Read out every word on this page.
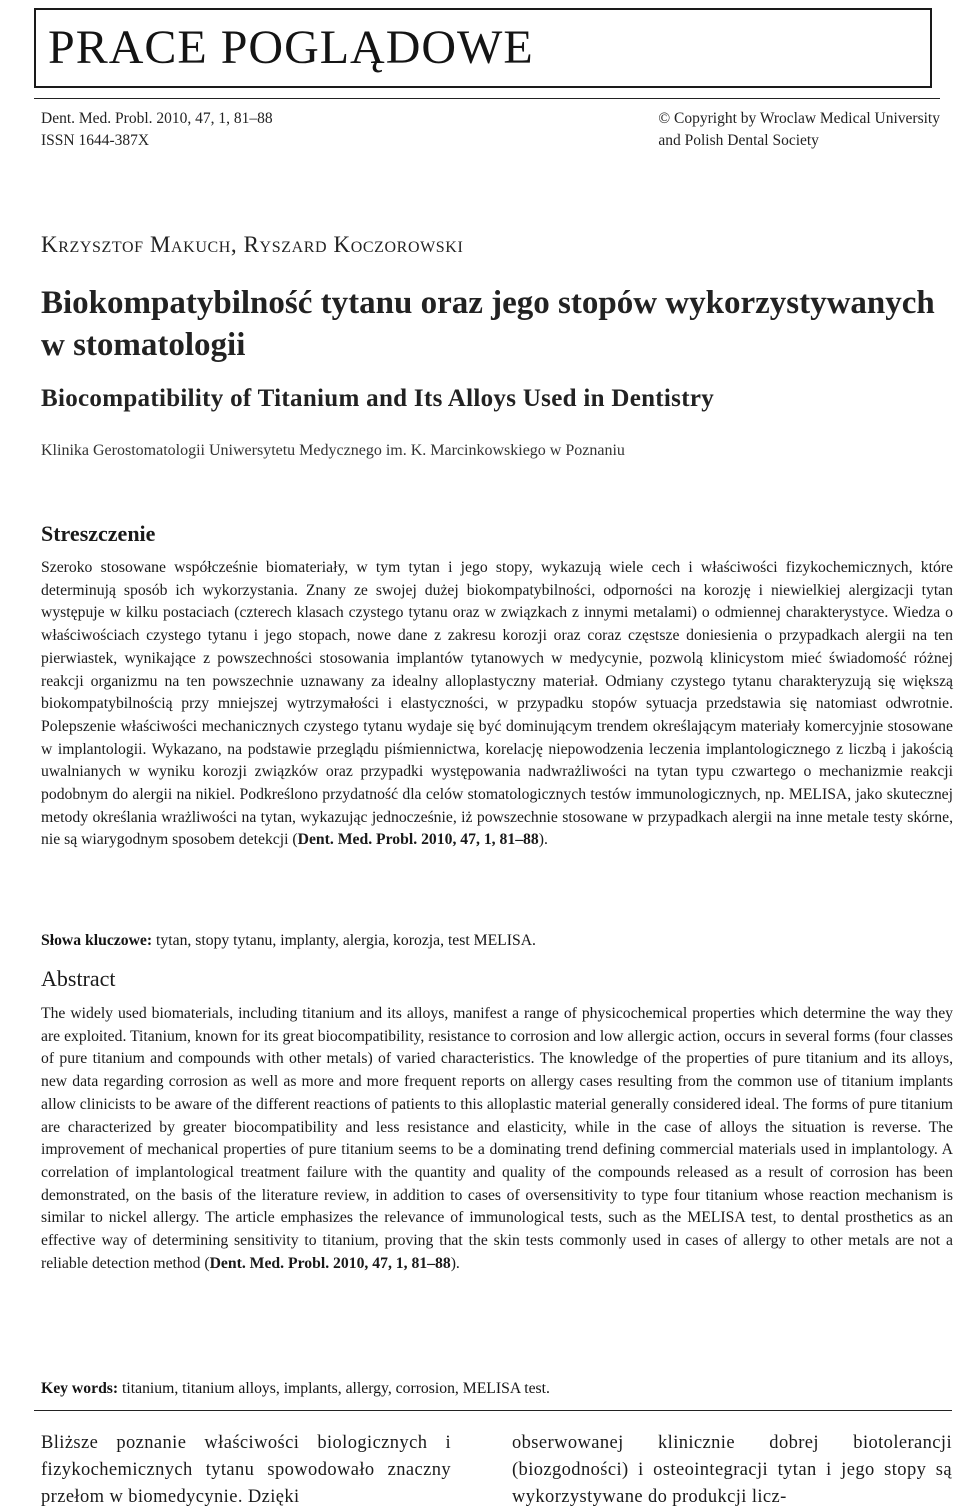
PRACE POGLĄDOWE
Dent. Med. Probl. 2010, 47, 1, 81–88
ISSN 1644-387X
© Copyright by Wroclaw Medical University
and Polish Dental Society
Krzysztof Makuch, Ryszard Koczorowski
Biokompatybilność tytanu oraz jego stopów wykorzystywanych w stomatologii
Biocompatibility of Titanium and Its Alloys Used in Dentistry
Klinika Gerostomatologii Uniwersytetu Medycznego im. K. Marcinkowskiego w Poznaniu
Streszczenie
Szeroko stosowane współcześnie biomateriały, w tym tytan i jego stopy, wykazują wiele cech i właściwości fizykochemicznych, które determinują sposób ich wykorzystania. Znany ze swojej dużej biokompatybilności, odporności na korozję i niewielkiej alergizacji tytan występuje w kilku postaciach (czterech klasach czystego tytanu oraz w związkach z innymi metalami) o odmiennej charakterystyce. Wiedza o właściwościach czystego tytanu i jego stopach, nowe dane z zakresu korozji oraz coraz częstsze doniesienia o przypadkach alergii na ten pierwiastek, wynikające z powszechności stosowania implantów tytanowych w medycynie, pozwolą klinicystom mieć świadomość różnej reakcji organizmu na ten powszechnie uznawany za idealny alloplastyczny materiał. Odmiany czystego tytanu charakteryzują się większą biokompatybilnością przy mniejszej wytrzymałości i elastyczności, w przypadku stopów sytuacja przedstawia się natomiast odwrotnie. Polepszenie właściwości mechanicznych czystego tytanu wydaje się być dominującym trendem określającym materiały komercyjnie stosowane w implantologii. Wykazano, na podstawie przeglądu piśmiennictwa, korelację niepowodzenia leczenia implantologicznego z liczbą i jakością uwalnianych w wyniku korozji związków oraz przypadki występowania nadwrażliwości na tytan typu czwartego o mechanizmie reakcji podobnym do alergii na nikiel. Podkreślono przydatność dla celów stomatologicznych testów immunologicznych, np. MELISA, jako skutecznej metody określania wrażliwości na tytan, wykazując jednocześnie, iż powszechnie stosowane w przypadkach alergii na inne metale testy skórne, nie są wiarygodnym sposobem detekcji (Dent. Med. Probl. 2010, 47, 1, 81–88).
Słowa kluczowe: tytan, stopy tytanu, implanty, alergia, korozja, test MELISA.
Abstract
The widely used biomaterials, including titanium and its alloys, manifest a range of physicochemical properties which determine the way they are exploited. Titanium, known for its great biocompatibility, resistance to corrosion and low allergic action, occurs in several forms (four classes of pure titanium and compounds with other metals) of varied characteristics. The knowledge of the properties of pure titanium and its alloys, new data regarding corrosion as well as more and more frequent reports on allergy cases resulting from the common use of titanium implants allow clinicists to be aware of the different reactions of patients to this alloplastic material generally considered ideal. The forms of pure titanium are characterized by greater biocompatibility and less resistance and elasticity, while in the case of alloys the situation is reverse. The improvement of mechanical properties of pure titanium seems to be a dominating trend defining commercial materials used in implantology. A correlation of implantological treatment failure with the quantity and quality of the compounds released as a result of corrosion has been demonstrated, on the basis of the literature review, in addition to cases of oversensitivity to type four titanium whose reaction mechanism is similar to nickel allergy. The article emphasizes the relevance of immunological tests, such as the MELISA test, to dental prosthetics as an effective way of determining sensitivity to titanium, proving that the skin tests commonly used in cases of allergy to other metals are not a reliable detection method (Dent. Med. Probl. 2010, 47, 1, 81–88).
Key words: titanium, titanium alloys, implants, allergy, corrosion, MELISA test.
Bliższe poznanie właściwości biologicznych i fizykochemicznych tytanu spowodowało znaczny przełom w biomedycynie. Dzięki
obserwowanej klinicznie dobrej biotolerancji (biozgodności) i osteointegracji tytan i jego stopy są wykorzystywane do produkcji licz-
